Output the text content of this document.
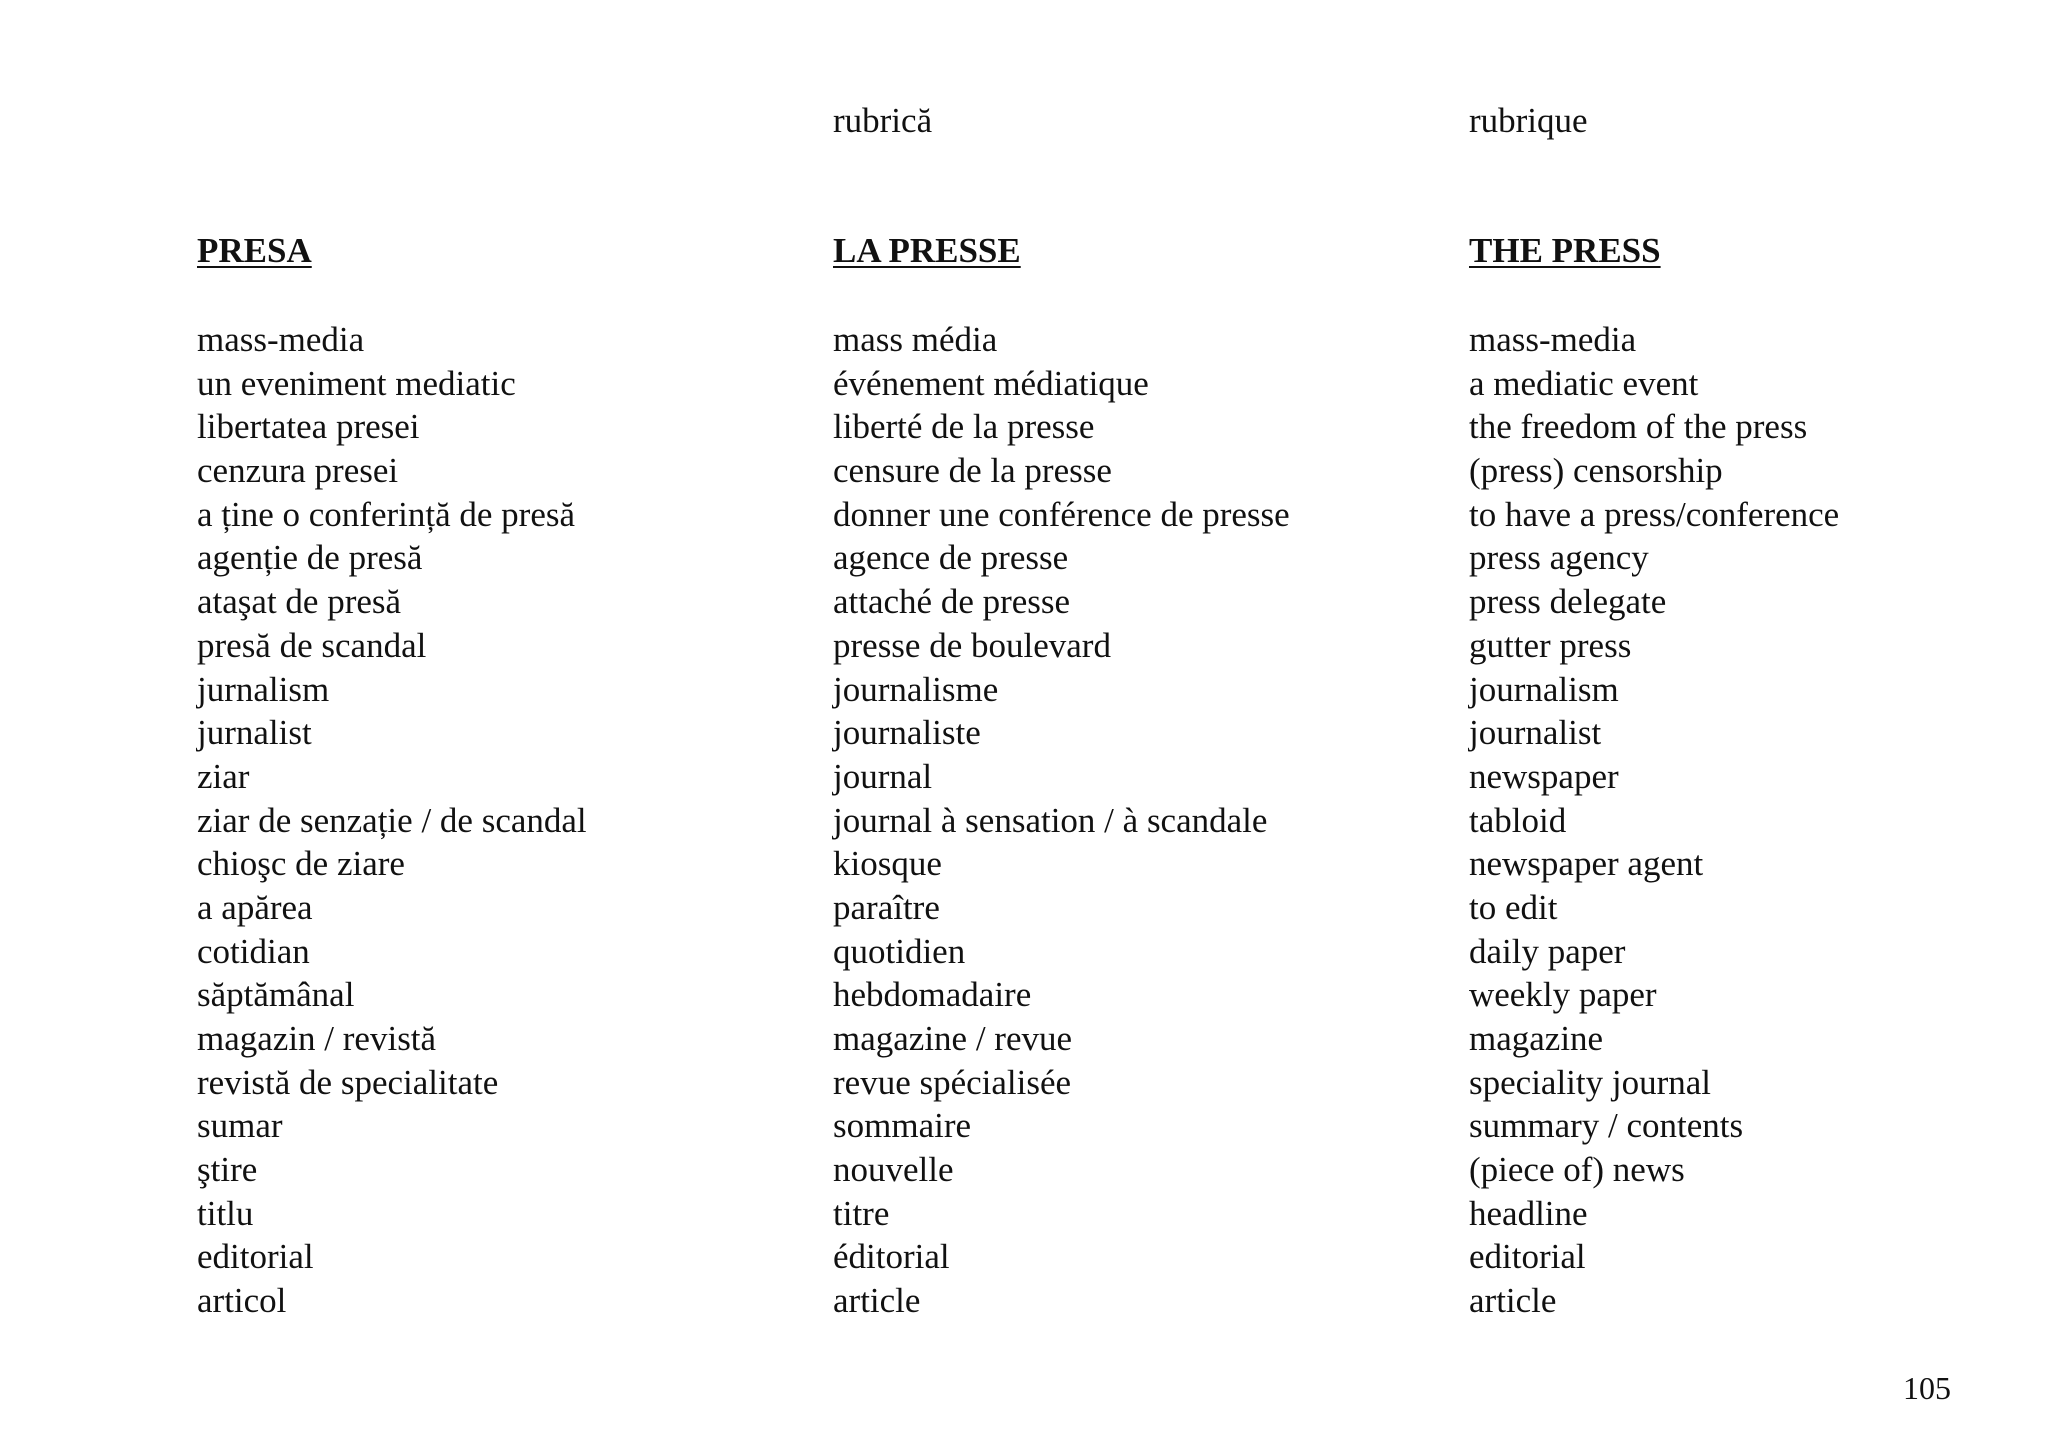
PRESA
mass-media
un eveniment mediatic
libertatea presei
cenzura presei
a ține o conferință de presă
agenție de presă
ataşat de presă
presă de scandal
jurnalism
jurnalist
ziar
ziar de senzație / de scandal
chioşc de ziare
a apărea
cotidian
săptămânal
magazin / revistă
revistă de specialitate
sumar
ştire
titlu
editorial
articol
rubrică
LA PRESSE
mass média
événement médiatique
liberté de la presse
censure de la presse
donner une conférence de presse
agence de presse
attaché de presse
presse de boulevard
journalisme
journaliste
journal
journal à sensation / à scandale
kiosque
paraître
quotidien
hebdomadaire
magazine / revue
revue spécialisée
sommaire
nouvelle
titre
éditorial
article
rubrique
THE PRESS
mass-media
a mediatic event
the freedom of the press
(press) censorship
to have a press/conference
press agency
press delegate
gutter press
journalism
journalist
newspaper
tabloid
newspaper agent
to edit
daily paper
weekly paper
magazine
speciality journal
summary / contents
(piece of) news
headline
editorial
article
105
